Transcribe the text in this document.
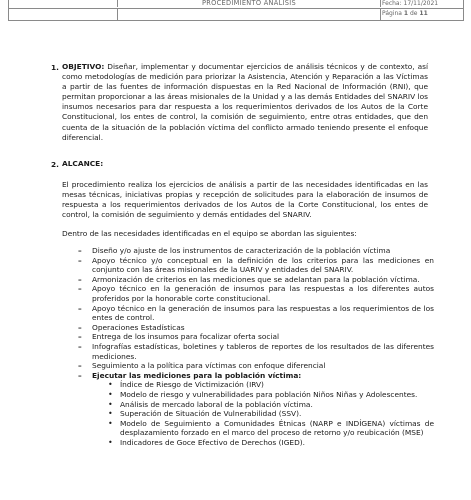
PROCEDIMIENTO ANÁLISIS	Fecha: 17/11/2021
Página 1 de 11
1. OBJETIVO: Diseñar, implementar y documentar ejercicios de análisis técnicos y de contexto, así como metodologías de medición para priorizar la Asistencia, Atención y Reparación a las Víctimas a partir de las fuentes de información dispuestas en la Red Nacional de Información (RNI), que permitan proporcionar a las áreas misionales de la Unidad y a las demás Entidades del SNARIV los insumos necesarios para dar respuesta a los requerimientos derivados de los Autos de la Corte Constitucional, los entes de control, la comisión de seguimiento, entre otras entidades, que den cuenta de la situación de la población víctima del conflicto armado teniendo presente el enfoque diferencial.
2. ALCANCE:
El procedimiento realiza los ejercicios de análisis a partir de las necesidades identificadas en las mesas técnicas, iniciativas propias y recepción de solicitudes para la elaboración de insumos de respuesta a los requerimientos derivados de los Autos de la Corte Constitucional, los entes de control, la comisión de seguimiento y demás entidades del SNARIV.
Dentro de las necesidades identificadas en el equipo se abordan las siguientes:
– Diseño y/o ajuste de los instrumentos de caracterización de la población víctima
– Apoyo técnico y/o conceptual en la definición de los criterios para las mediciones en conjunto con las áreas misionales de la UARIV y entidades del SNARIV.
– Armonización de criterios en las mediciones que se adelantan para la población víctima.
– Apoyo técnico en la generación de insumos para las respuestas a los diferentes autos proferidos por la honorable corte constitucional.
– Apoyo técnico en la generación de insumos para las respuestas a los requerimientos de los entes de control.
– Operaciones Estadísticas
– Entrega de los insumos para focalizar oferta social
– Infografías estadísticas, boletines y tableros de reportes de los resultados de las diferentes mediciones.
– Seguimiento a la política para víctimas con enfoque diferencial
– Ejecutar las mediciones para la población víctima:
• Índice de Riesgo de Victimización (IRV)
• Modelo de riesgo y vulnerabilidades para población Niños Niñas y Adolescentes.
• Análisis de mercado laboral de la población víctima.
• Superación de Situación de Vulnerabilidad (SSV).
• Modelo de Seguimiento a Comunidades Étnicas (NARP e INDÍGENA) víctimas de desplazamiento forzado en el marco del proceso de retorno y/o reubicación (MSE)
• Indicadores de Goce Efectivo de Derechos (IGED).
